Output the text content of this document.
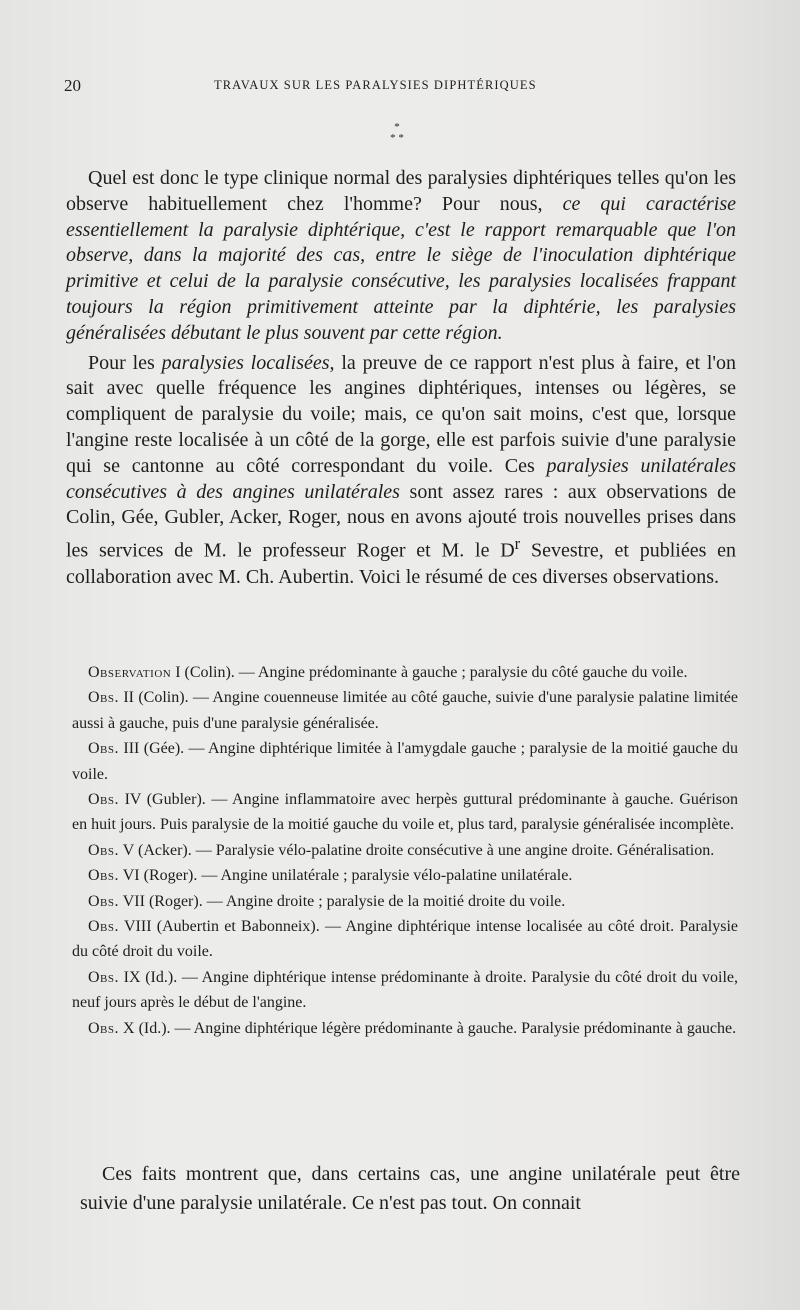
20	TRAVAUX SUR LES PARALYSIES DIPHTÉRIQUES
*
* *

Quel est donc le type clinique normal des paralysies diphtériques telles qu'on les observe habituellement chez l'homme? Pour nous, ce qui caractérise essentiellement la paralysie diphtérique, c'est le rapport remarquable que l'on observe, dans la majorité des cas, entre le siège de l'inoculation diphtérique primitive et celui de la paralysie consécutive, les paralysies localisées frappant toujours la région primitivement atteinte par la diphtérie, les paralysies généralisées débutant le plus souvent par cette région.

Pour les paralysies localisées, la preuve de ce rapport n'est plus à faire, et l'on sait avec quelle fréquence les angines diphtériques, intenses ou légères, se compliquent de paralysie du voile; mais, ce qu'on sait moins, c'est que, lorsque l'angine reste localisée à un côté de la gorge, elle est parfois suivie d'une paralysie qui se cantonne au côté correspondant du voile. Ces paralysies unilatérales consécutives à des angines unilatérales sont assez rares : aux observations de Colin, Gée, Gubler, Acker, Roger, nous en avons ajouté trois nouvelles prises dans les services de M. le professeur Roger et M. le $D^r$ Sevestre, et publiées en collaboration avec M. Ch. Aubertin. Voici le résumé de ces diverses observations.

Observation I (Colin). — Angine prédominante à gauche ; paralysie du côté gauche du voile.

Obs. II (Colin). — Angine couenneuse limitée au côté gauche, suivie d'une paralysie palatine limitée aussi à gauche, puis d'une paralysie généralisée.

Obs. III (Gée). — Angine diphtérique limitée à l'amygdale gauche ; paralysie de la moitié gauche du voile.

Obs. IV (Gubler). — Angine inflammatoire avec herpès guttural prédominante à gauche. Guérison en huit jours. Puis paralysie de la moitié gauche du voile et, plus tard, paralysie généralisée incomplète.

Obs. V (Acker). — Paralysie vélo-palatine droite consécutive à une angine droite. Généralisation.

Obs. VI (Roger). — Angine unilatérale ; paralysie vélo-palatine unilatérale.

Obs. VII (Roger). — Angine droite ; paralysie de la moitié droite du voile.

Obs. VIII (Aubertin et Babonneix). — Angine diphtérique intense localisée au côté droit. Paralysie du côté droit du voile.

Obs. IX (Id.). — Angine diphtérique intense prédominante à droite. Paralysie du côté droit du voile, neuf jours après le début de l'angine.

Obs. X (Id.). — Angine diphtérique légère prédominante à gauche. Paralysie prédominante à gauche.

Ces faits montrent que, dans certains cas, une angine unilatérale peut être suivie d'une paralysie unilatérale. Ce n'est pas tout. On connait
